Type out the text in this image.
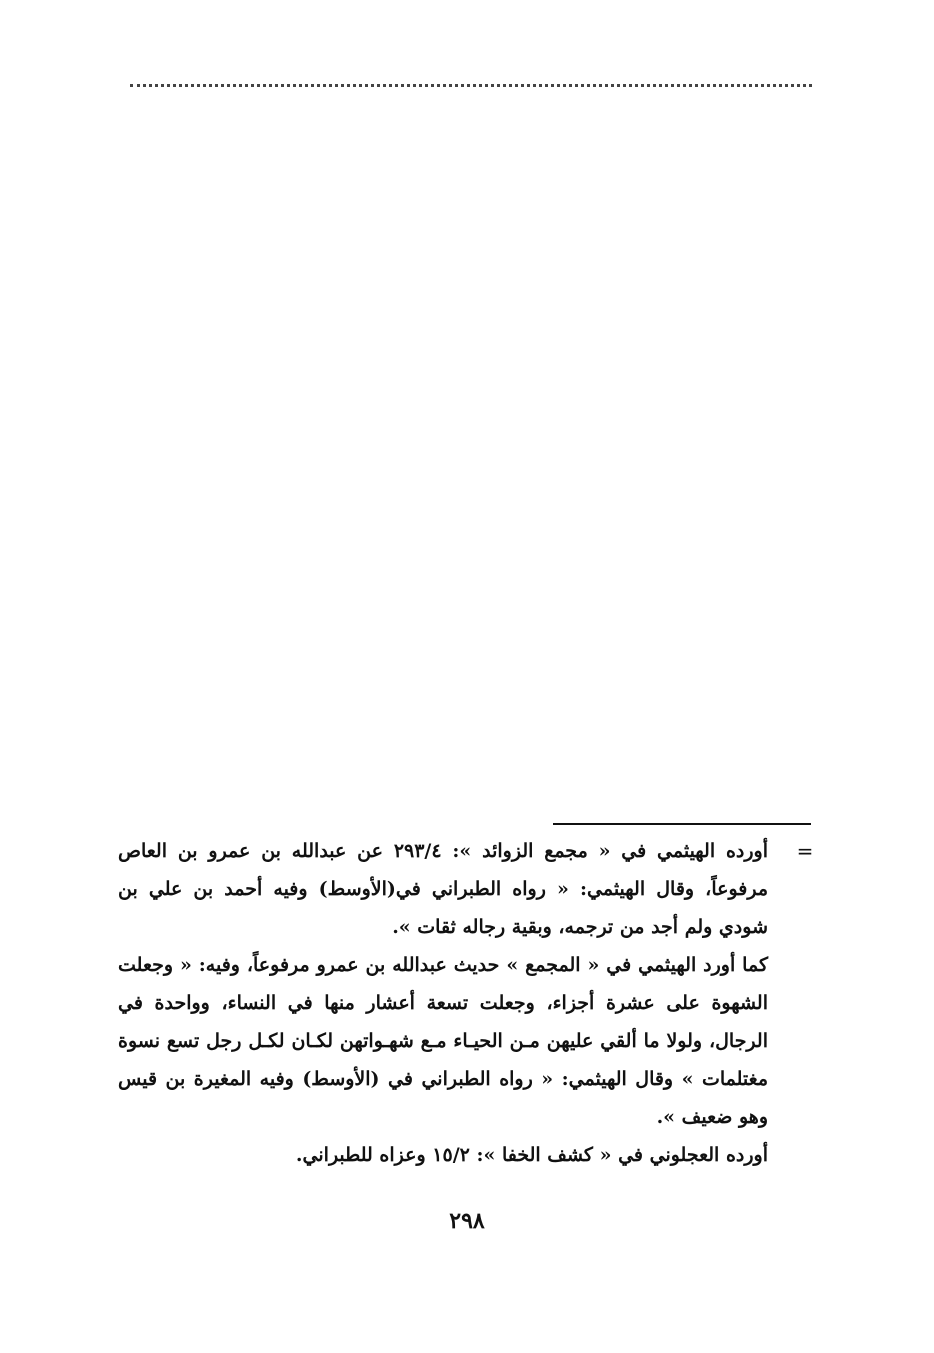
=

أورده الهيثمي في « مجمع الزوائد »: ٢٩٣/٤ عن عبدالله بن عمرو بن العاص مرفوعاً، وقال الهيثمي: « رواه الطبراني في(الأوسط) وفيه أحمد بن علي بن شودي ولم أجد من ترجمه، وبقية رجاله ثقات ».

كما أورد الهيثمي في « المجمع » حديث عبدالله بن عمرو مرفوعاً، وفيه: « وجعلت الشهوة على عشرة أجزاء، وجعلت تسعة أعشار منها في النساء، وواحدة في الرجال، ولولا ما ألقي عليهن مـن الحيـاء مـع شهـواتهن لكـان لكـل رجل تسع نسوة مغتلمات » وقال الهيثمي: « رواه الطبراني في (الأوسط) وفيه المغيرة بن قيس وهو ضعيف ».

أورده العجلوني في « كشف الخفا »: ١٥/٢ وعزاه للطبراني.

٢٩٨
